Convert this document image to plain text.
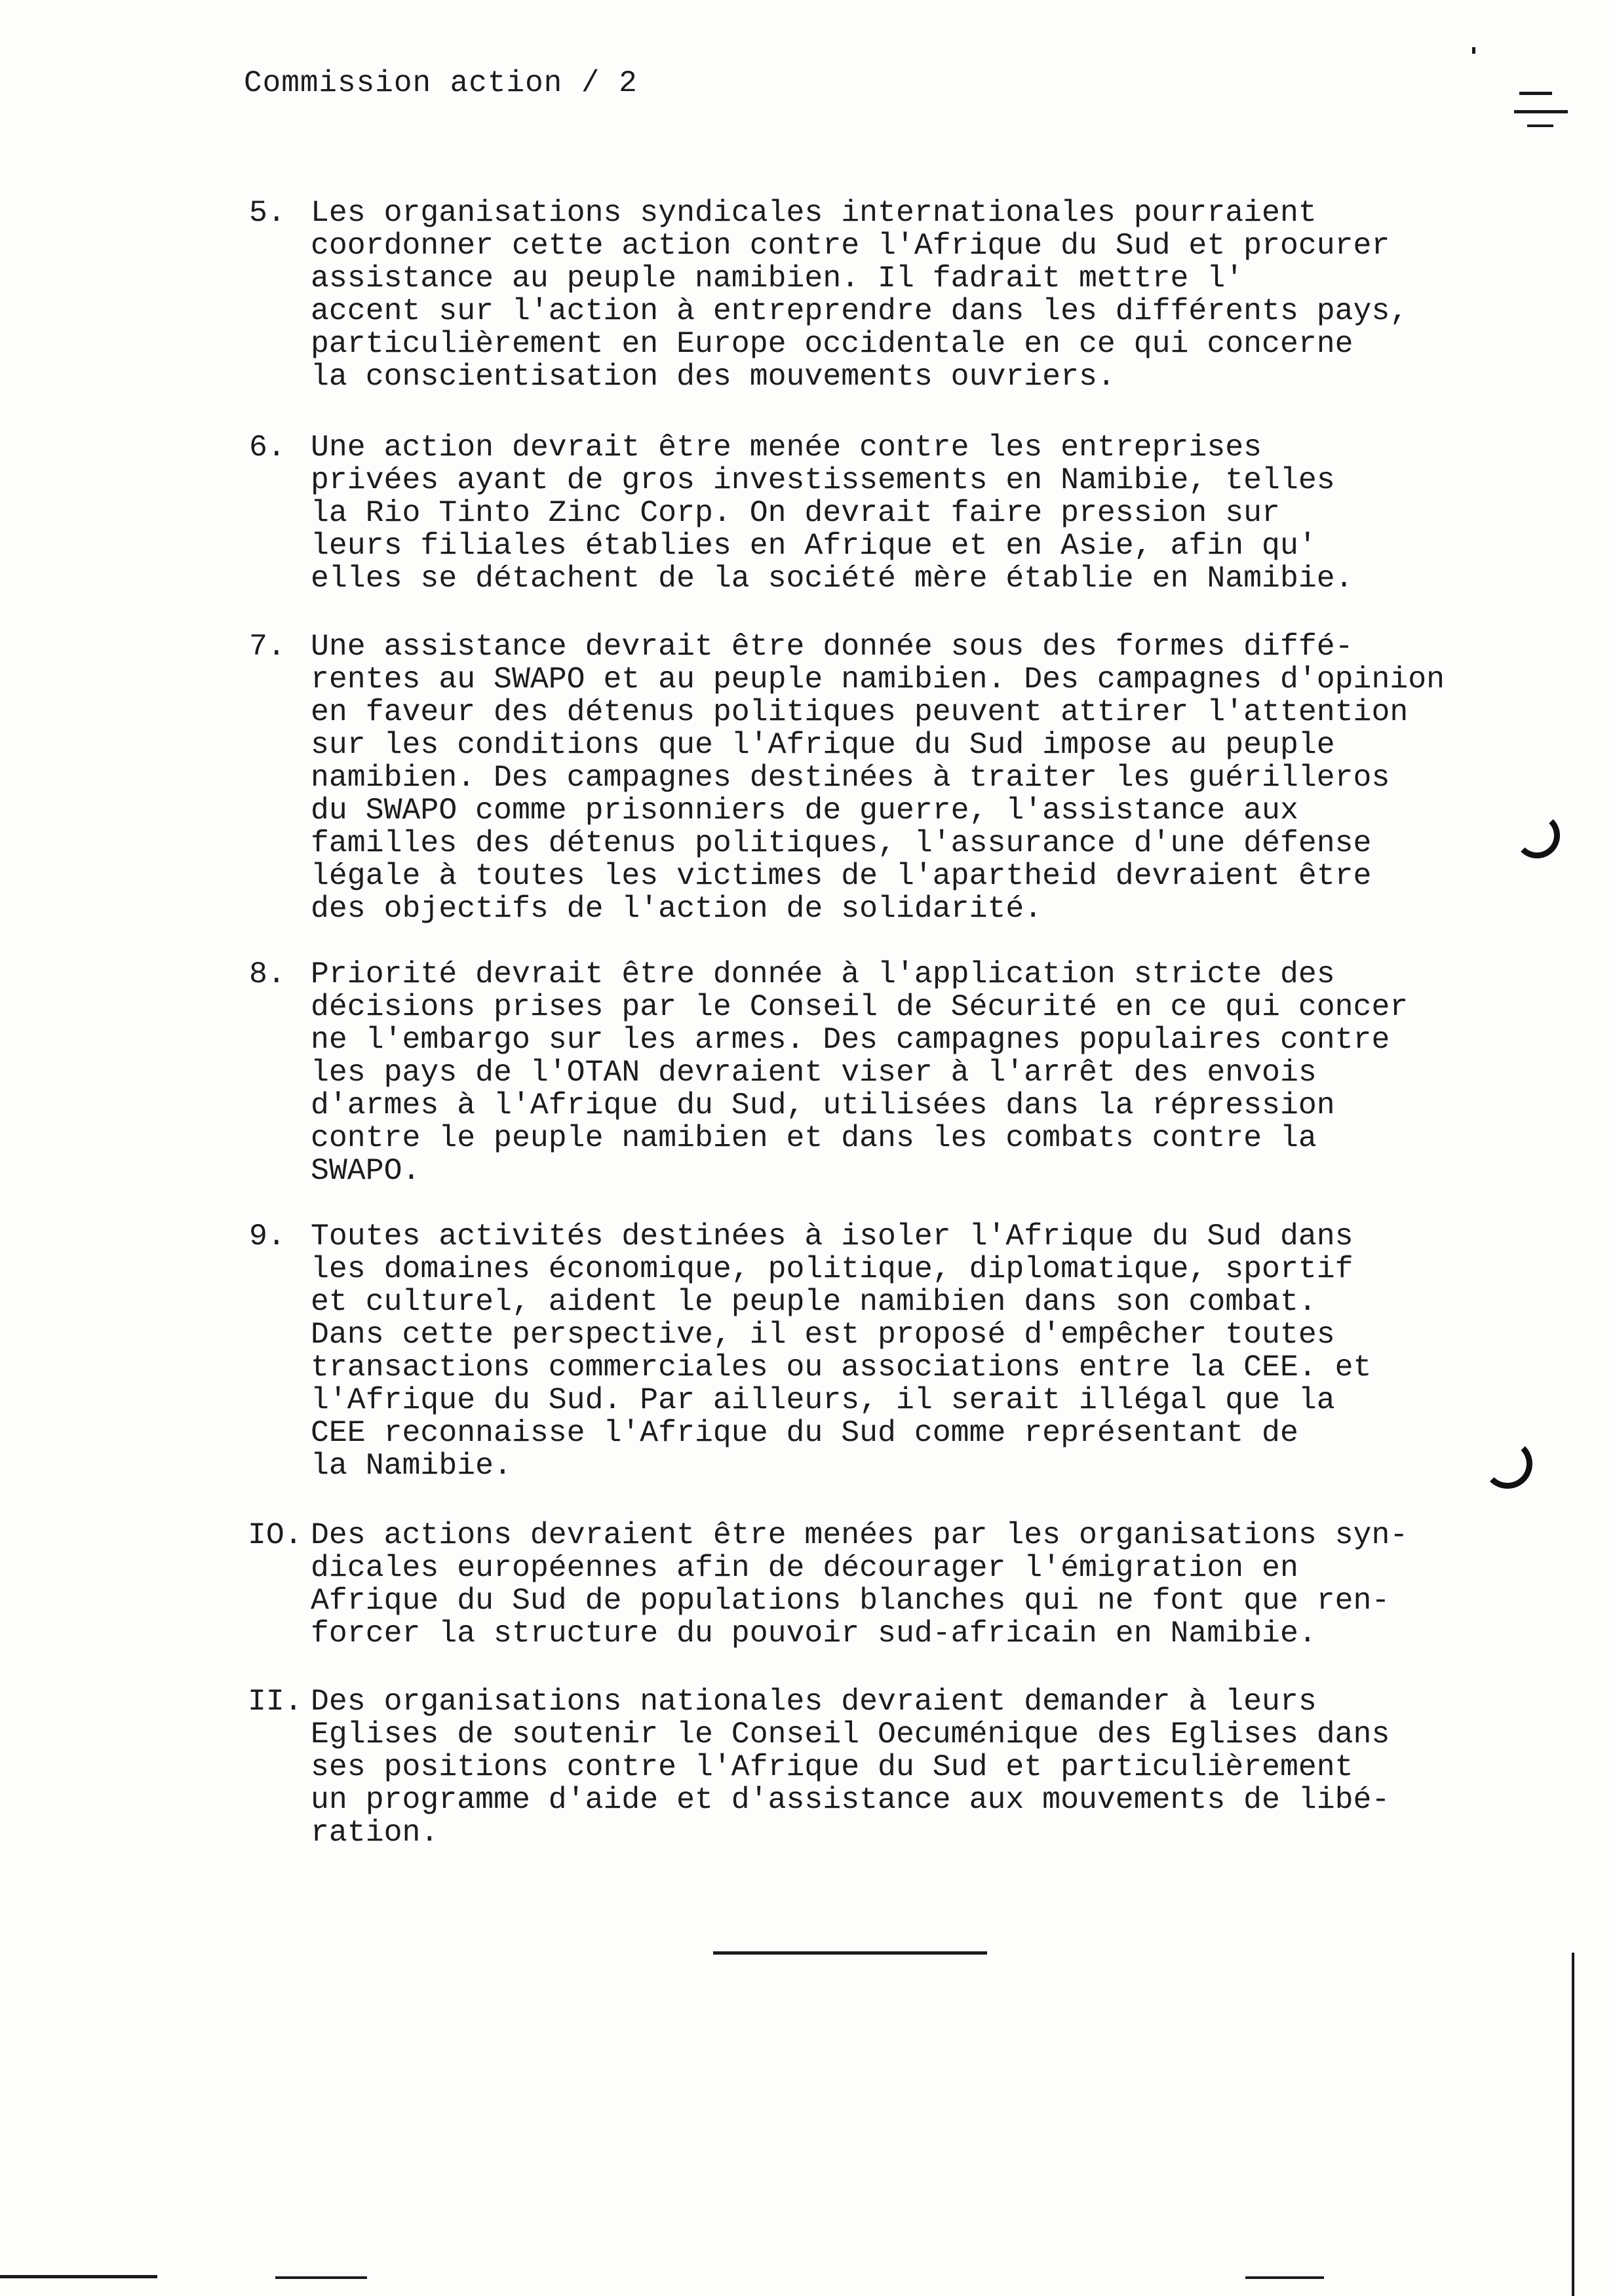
Commission action / 2
5. Les organisations syndicales internationales pourraient
coordonner cette action contre l'Afrique du Sud et procurer
assistance au peuple namibien. Il fadrait mettre l'
accent sur l'action à entreprendre dans les différents pays,
particulièrement en Europe occidentale en ce qui concerne
la conscientisation des mouvements ouvriers.
6. Une action devrait être menée contre les entreprises
privées ayant de gros investissements en Namibie, telles
la Rio Tinto Zinc Corp. On devrait faire pression sur
leurs filiales établies en Afrique et en Asie, afin qu'
elles se détachent de la société mère établie en Namibie.
7. Une assistance devrait être donnée sous des formes diffé-
rentes au SWAPO et au peuple namibien. Des campagnes d'opinion
en faveur des détenus politiques peuvent attirer l'attention
sur les conditions que l'Afrique du Sud impose au peuple
namibien. Des campagnes destinées à traiter les guérilleros
du SWAPO comme prisonniers de guerre, l'assistance aux
familles des détenus politiques, l'assurance d'une défense
légale à toutes les victimes de l'apartheid devraient être
des objectifs de l'action de solidarité.
8. Priorité devrait être donnée à l'application stricte des
décisions prises par le Conseil de Sécurité en ce qui concer
ne l'embargo sur les armes. Des campagnes populaires contre
les pays de l'OTAN devraient viser à l'arrêt des envois
d'armes à l'Afrique du Sud, utilisées dans la répression
contre le peuple namibien et dans les combats contre la
SWAPO.
9. Toutes activités destinées à isoler l'Afrique du Sud dans
les domaines économique, politique, diplomatique, sportif
et culturel, aident le peuple namibien dans son combat.
Dans cette perspective, il est proposé d'empêcher toutes
transactions commerciales ou associations entre la CEE. et
l'Afrique du Sud. Par ailleurs, il serait illégal que la
CEE reconnaisse l'Afrique du Sud comme représentant de
la Namibie.
IO. Des actions devraient être menées par les organisations syn-
dicales européennes afin de décourager l'émigration en
Afrique du Sud de populations blanches qui ne font que ren-
forcer la structure du pouvoir sud-africain en Namibie.
II. Des organisations nationales devraient demander à leurs
Eglises de soutenir le Conseil Oecuménique des Eglises dans
ses positions contre l'Afrique du Sud et particulièrement
un programme d'aide et d'assistance aux mouvements de libé-
ration.
